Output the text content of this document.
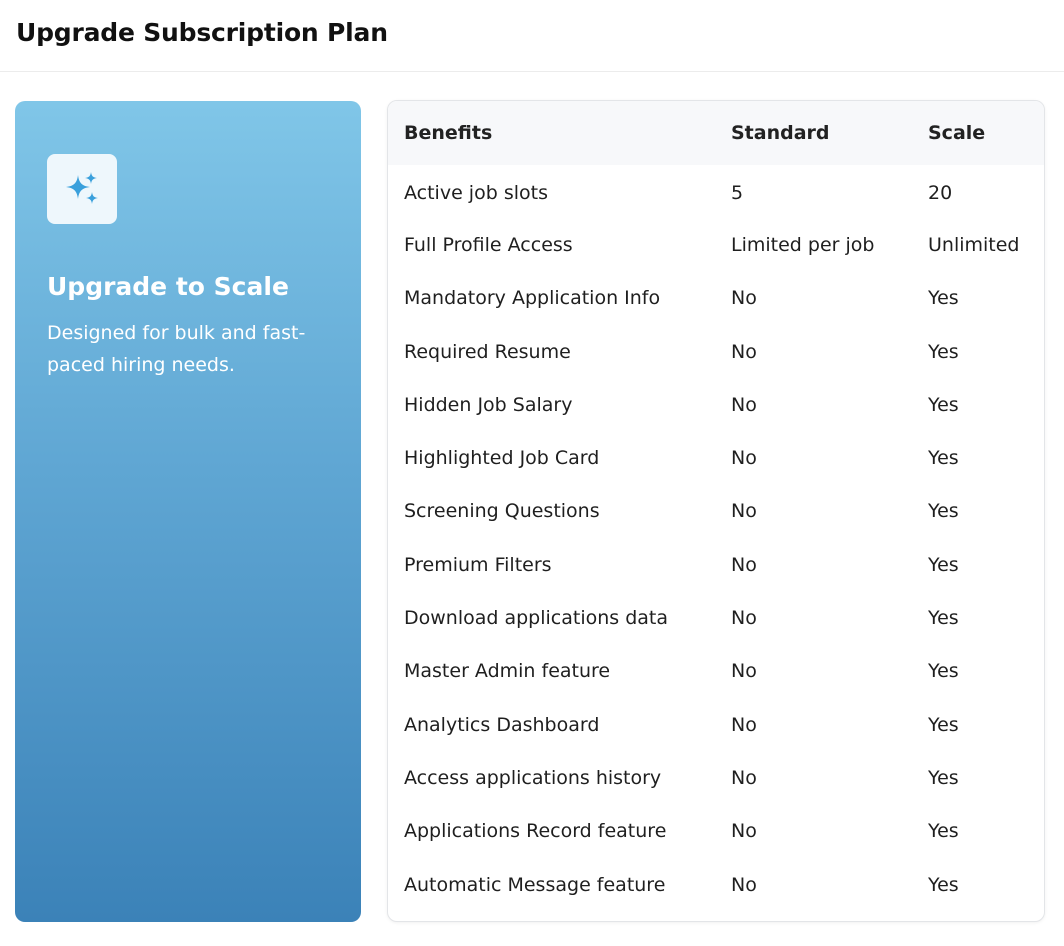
Upgrade Subscription Plan
Upgrade to Scale

Designed for bulk and fast-paced hiring needs.

Benefits	Standard	Scale
Active job slots	5	20
Full Profile Access	Limited per job	Unlimited
Mandatory Application Info	No	Yes
Required Resume	No	Yes
Hidden Job Salary	No	Yes
Highlighted Job Card	No	Yes
Screening Questions	No	Yes
Premium Filters	No	Yes
Download applications data	No	Yes
Master Admin feature	No	Yes
Analytics Dashboard	No	Yes
Access applications history	No	Yes
Applications Record feature	No	Yes
Automatic Message feature	No	Yes
